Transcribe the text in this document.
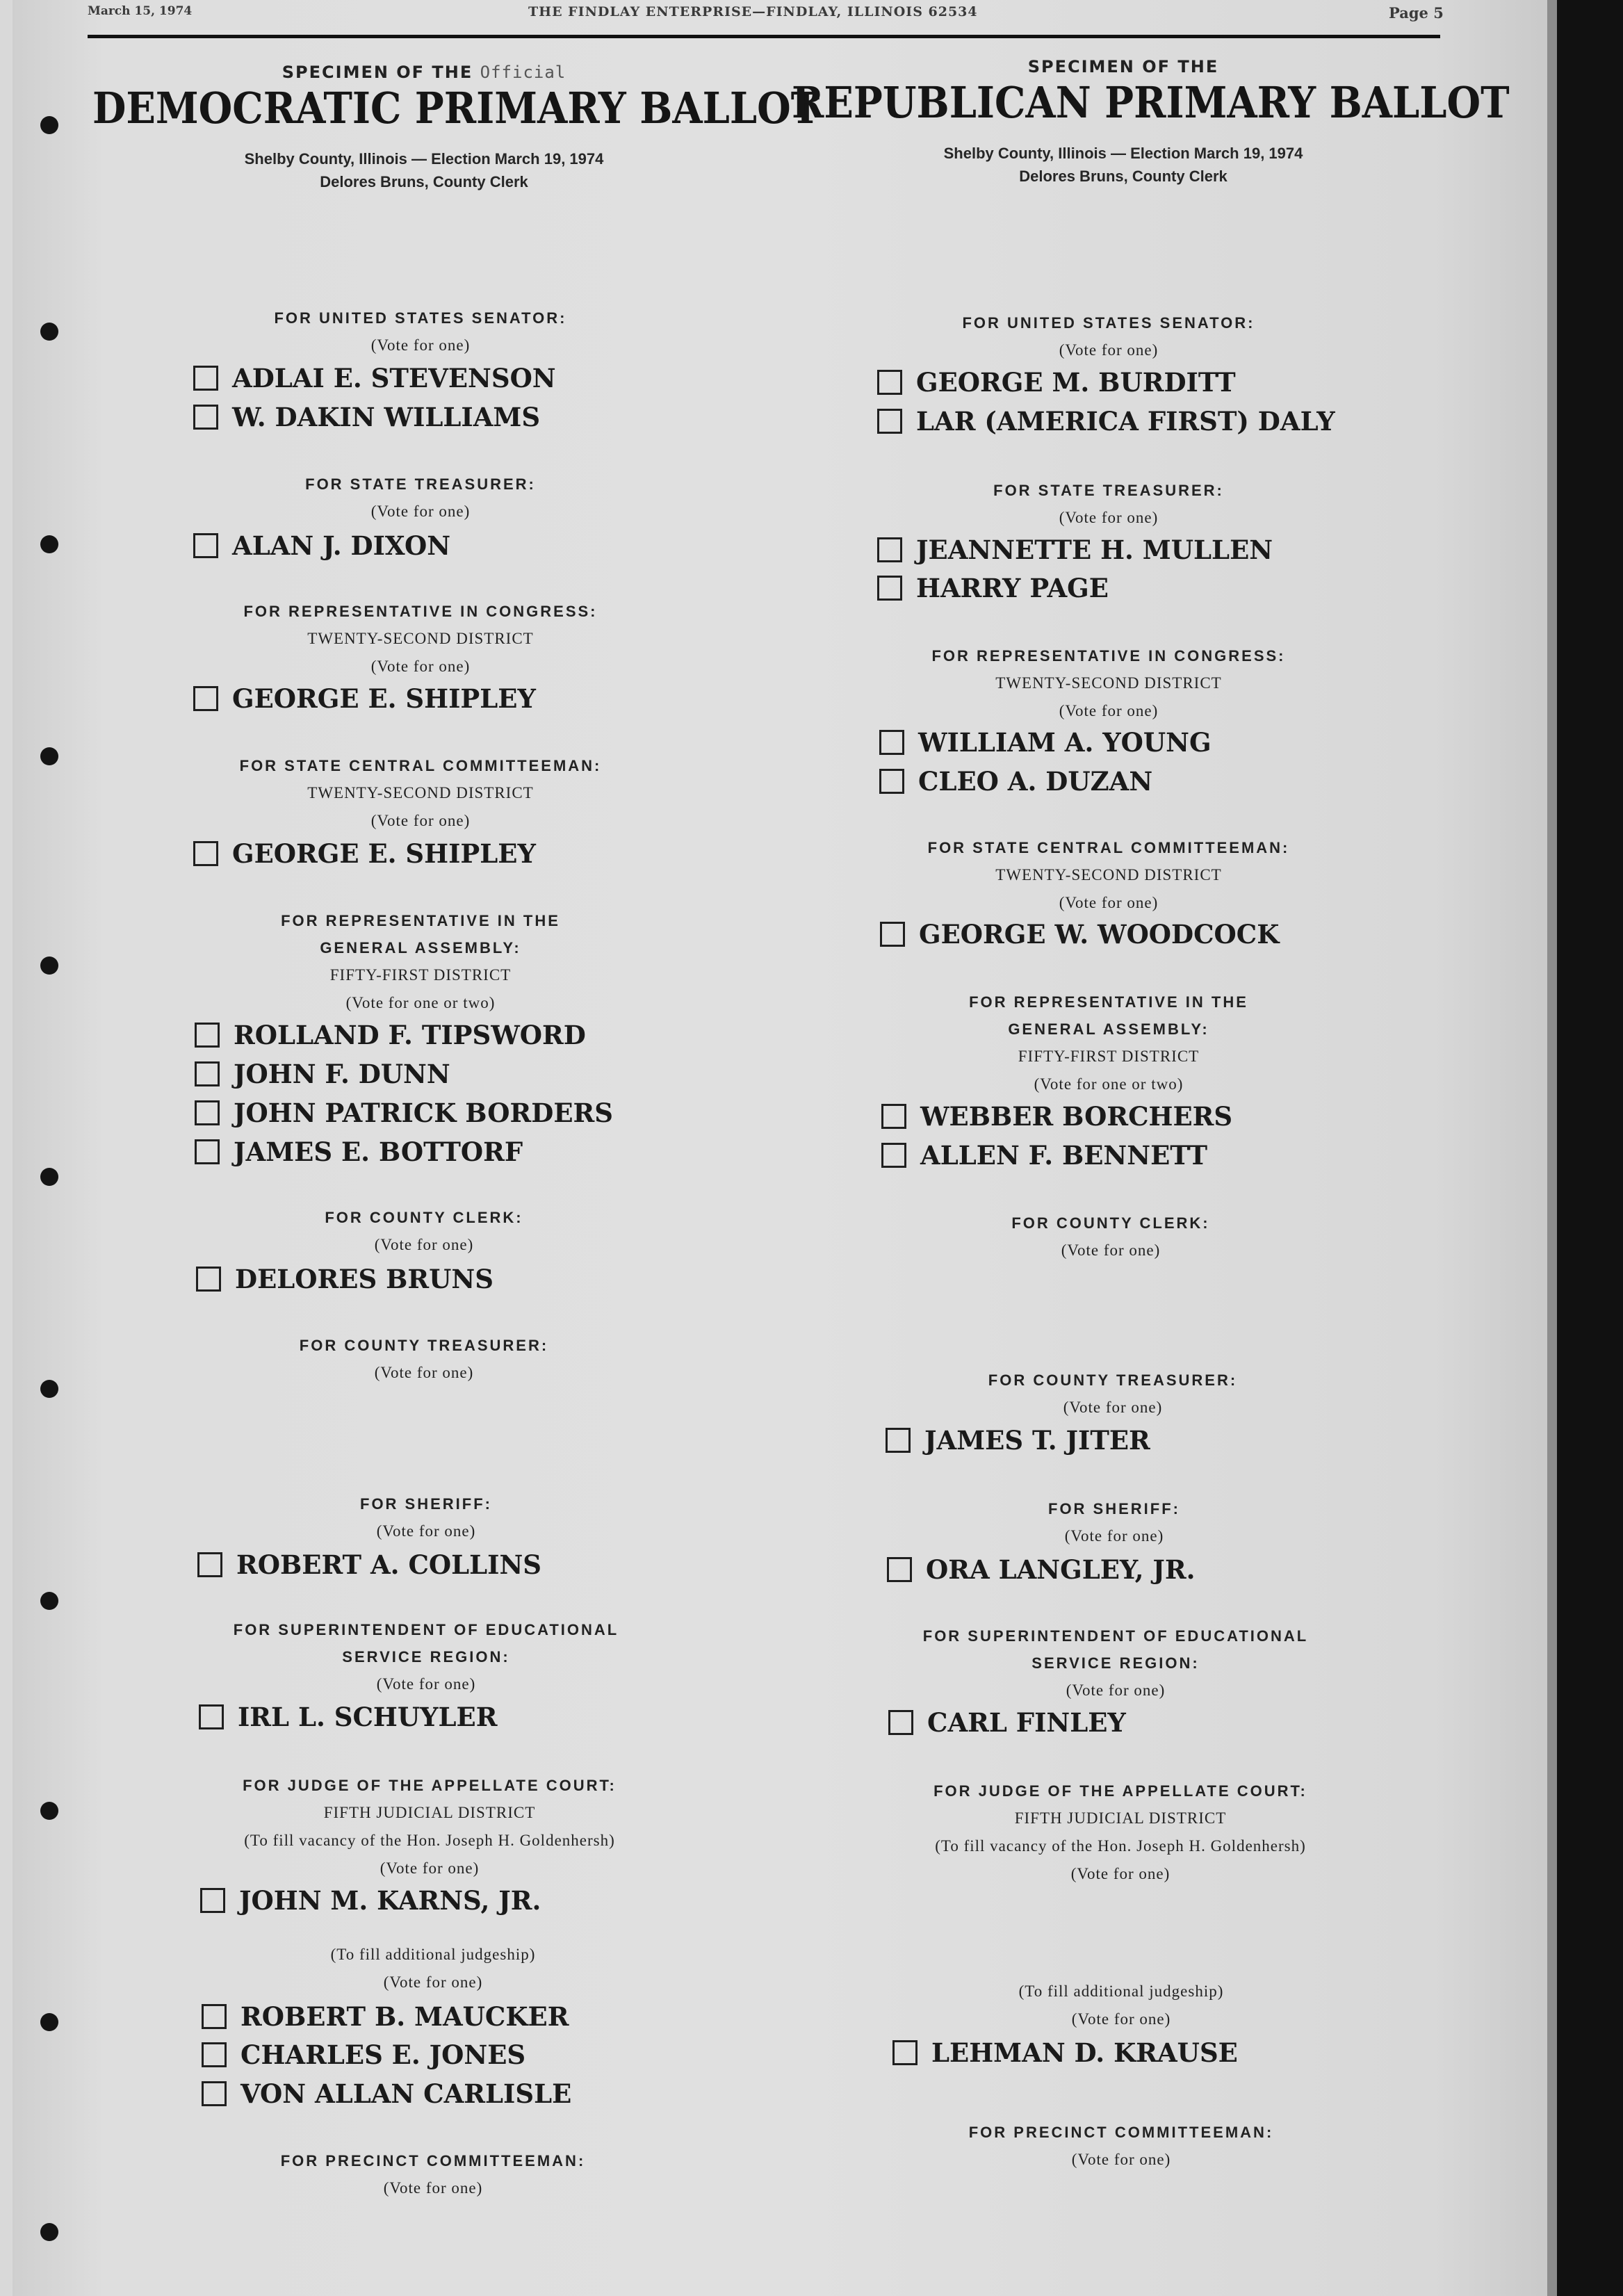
March 15, 1974	THE FINDLAY ENTERPRISE—FINDLAY, ILLINOIS 62534	Page 5
SPECIMEN OF THE Official
DEMOCRATIC PRIMARY BALLOT
Shelby County, Illinois — Election March 19, 1974
Delores Bruns, County Clerk
SPECIMEN OF THE
REPUBLICAN PRIMARY BALLOT
Shelby County, Illinois — Election March 19, 1974
Delores Bruns, County Clerk
FOR UNITED STATES SENATOR:
(Vote for one)
ADLAI E. STEVENSON
W. DAKIN WILLIAMS
FOR STATE TREASURER:
(Vote for one)
ALAN J. DIXON
FOR REPRESENTATIVE IN CONGRESS:
TWENTY-SECOND DISTRICT
(Vote for one)
GEORGE E. SHIPLEY
FOR STATE CENTRAL COMMITTEEMAN:
TWENTY-SECOND DISTRICT
(Vote for one)
GEORGE E. SHIPLEY
FOR REPRESENTATIVE IN THE
GENERAL ASSEMBLY:
FIFTY-FIRST DISTRICT
(Vote for one or two)
ROLLAND F. TIPSWORD
JOHN F. DUNN
JOHN PATRICK BORDERS
JAMES E. BOTTORF
FOR COUNTY CLERK:
(Vote for one)
DELORES BRUNS
FOR COUNTY TREASURER:
(Vote for one)
FOR SHERIFF:
(Vote for one)
ROBERT A. COLLINS
FOR SUPERINTENDENT OF EDUCATIONAL
SERVICE REGION:
(Vote for one)
IRL L. SCHUYLER
FOR JUDGE OF THE APPELLATE COURT:
FIFTH JUDICIAL DISTRICT
(To fill vacancy of the Hon. Joseph H. Goldenhersh)
(Vote for one)
JOHN M. KARNS, JR.
(To fill additional judgeship)
(Vote for one)
ROBERT B. MAUCKER
CHARLES E. JONES
VON ALLAN CARLISLE
FOR PRECINCT COMMITTEEMAN:
(Vote for one)
FOR UNITED STATES SENATOR:
(Vote for one)
GEORGE M. BURDITT
LAR (AMERICA FIRST) DALY
FOR STATE TREASURER:
(Vote for one)
JEANNETTE H. MULLEN
HARRY PAGE
FOR REPRESENTATIVE IN CONGRESS:
TWENTY-SECOND DISTRICT
(Vote for one)
WILLIAM A. YOUNG
CLEO A. DUZAN
FOR STATE CENTRAL COMMITTEEMAN:
TWENTY-SECOND DISTRICT
(Vote for one)
GEORGE W. WOODCOCK
FOR REPRESENTATIVE IN THE
GENERAL ASSEMBLY:
FIFTY-FIRST DISTRICT
(Vote for one or two)
WEBBER BORCHERS
ALLEN F. BENNETT
FOR COUNTY CLERK:
(Vote for one)
FOR COUNTY TREASURER:
(Vote for one)
JAMES T. JITER
FOR SHERIFF:
(Vote for one)
ORA LANGLEY, JR.
FOR SUPERINTENDENT OF EDUCATIONAL
SERVICE REGION:
(Vote for one)
CARL FINLEY
FOR JUDGE OF THE APPELLATE COURT:
FIFTH JUDICIAL DISTRICT
(To fill vacancy of the Hon. Joseph H. Goldenhersh)
(Vote for one)
(To fill additional judgeship)
(Vote for one)
LEHMAN D. KRAUSE
FOR PRECINCT COMMITTEEMAN:
(Vote for one)
